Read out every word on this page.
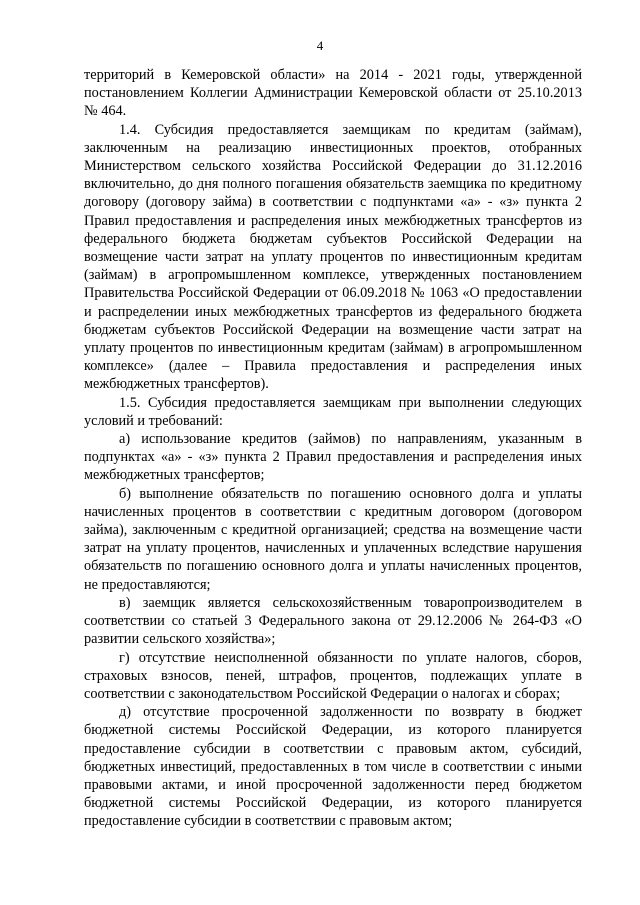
4

территорий в Кемеровской области» на 2014 - 2021 годы, утвержденной постановлением Коллегии Администрации Кемеровской области от 25.10.2013 № 464.

1.4. Субсидия предоставляется заемщикам по кредитам (займам), заключенным на реализацию инвестиционных проектов, отобранных Министерством сельского хозяйства Российской Федерации до 31.12.2016 включительно, до дня полного погашения обязательств заемщика по кредитному договору (договору займа) в соответствии с подпунктами «а» - «з» пункта 2 Правил предоставления и распределения иных межбюджетных трансфертов из федерального бюджета бюджетам субъектов Российской Федерации на возмещение части затрат на уплату процентов по инвестиционным кредитам (займам) в агропромышленном комплексе, утвержденных постановлением Правительства Российской Федерации от 06.09.2018 № 1063 «О предоставлении и распределении иных межбюджетных трансфертов из федерального бюджета бюджетам субъектов Российской Федерации на возмещение части затрат на уплату процентов по инвестиционным кредитам (займам) в агропромышленном комплексе» (далее – Правила предоставления и распределения иных межбюджетных трансфертов).

1.5. Субсидия предоставляется заемщикам при выполнении следующих условий и требований:

а) использование кредитов (займов) по направлениям, указанным в подпунктах «а» - «з» пункта 2 Правил предоставления и распределения иных межбюджетных трансфертов;

б) выполнение обязательств по погашению основного долга и уплаты начисленных процентов в соответствии с кредитным договором (договором займа), заключенным с кредитной организацией; средства на возмещение части затрат на уплату процентов, начисленных и уплаченных вследствие нарушения обязательств по погашению основного долга и уплаты начисленных процентов, не предоставляются;

в) заемщик является сельскохозяйственным товаропроизводителем в соответствии со статьей 3 Федерального закона от 29.12.2006 № 264-ФЗ «О развитии сельского хозяйства»;

г) отсутствие неисполненной обязанности по уплате налогов, сборов, страховых взносов, пеней, штрафов, процентов, подлежащих уплате в соответствии с законодательством Российской Федерации о налогах и сборах;

д) отсутствие просроченной задолженности по возврату в бюджет бюджетной системы Российской Федерации, из которого планируется предоставление субсидии в соответствии с правовым актом, субсидий, бюджетных инвестиций, предоставленных в том числе в соответствии с иными правовыми актами, и иной просроченной задолженности перед бюджетом бюджетной системы Российской Федерации, из которого планируется предоставление субсидии в соответствии с правовым актом;
